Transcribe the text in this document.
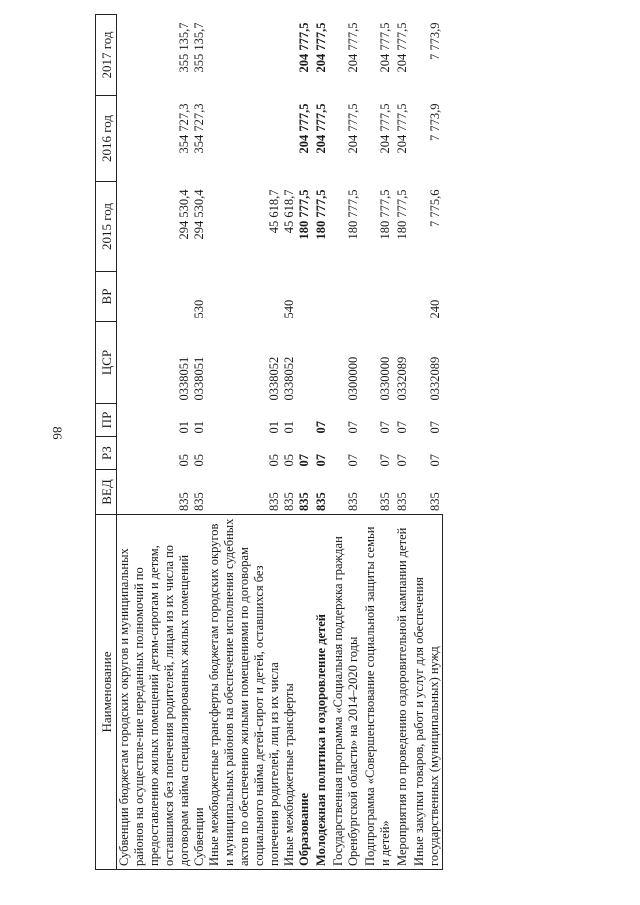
86
Наименование	ВЕД	РЗ	ПР	ЦСР	ВР	2015 год	2016 год	2017 год
Субвенции бюджетам городских округов и муниципальных районов на осуществле-ние переданных полномочий по предоставлению жилых помещений детям-сиротам и детям, оставшимся без попечения родителей, лицам из их числа по договорам найма специализированных жилых помещений	835	05	01	0338051		294 530,4	354 727,3	355 135,7
Субвенции	835	05	01	0338051	530	294 530,4	354 727,3	355 135,7
Иные межбюджетные трансферты бюджетам городских округов и муниципальных районов на обеспечение исполнения судебных актов по обеспечению жилыми помещениями по договорам социального найма детей-сирот и детей, оставшихся без попечения родителей, лиц из их числа	835	05	01	0338052		45 618,7		
Иные межбюджетные трансферты	835	05	01	0338052	540	45 618,7		
Образование	835	07				180 777,5	204 777,5	204 777,5
Молодежная политика и оздоровление детей	835	07	07			180 777,5	204 777,5	204 777,5
Государственная программа «Социальная поддержка граждан Оренбургской области» на 2014–2020 годы	835	07	07	0300000		180 777,5	204 777,5	204 777,5
Подпрограмма «Совершенствование социальной защиты семьи и детей»	835	07	07	0330000		180 777,5	204 777,5	204 777,5
Мероприятия по проведению оздоровительной кампании детей	835	07	07	0332089		180 777,5	204 777,5	204 777,5
Иные закупки товаров, работ и услуг для обеспечения государственных (муниципальных) нужд	835	07	07	0332089	240	7 775,6	7 773,9	7 773,9
